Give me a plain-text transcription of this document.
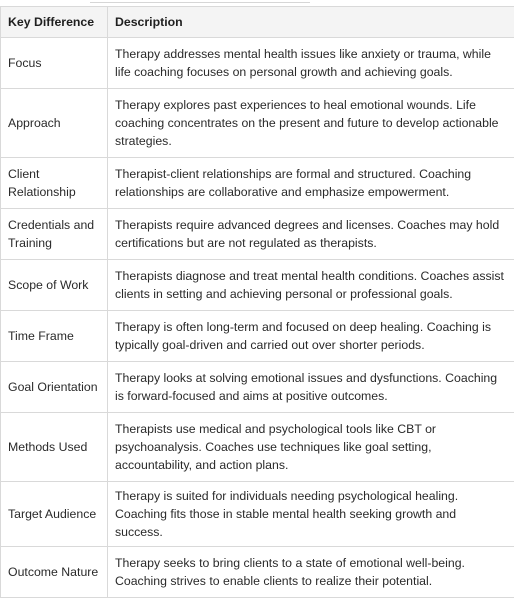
Key Difference	Description
Focus	Therapy addresses mental health issues like anxiety or trauma, while life coaching focuses on personal growth and achieving goals.
Approach	Therapy explores past experiences to heal emotional wounds. Life coaching concentrates on the present and future to develop actionable strategies.
Client Relationship	Therapist-client relationships are formal and structured. Coaching relationships are collaborative and emphasize empowerment.
Credentials and Training	Therapists require advanced degrees and licenses. Coaches may hold certifications but are not regulated as therapists.
Scope of Work	Therapists diagnose and treat mental health conditions. Coaches assist clients in setting and achieving personal or professional goals.
Time Frame	Therapy is often long-term and focused on deep healing. Coaching is typically goal-driven and carried out over shorter periods.
Goal Orientation	Therapy looks at solving emotional issues and dysfunctions. Coaching is forward-focused and aims at positive outcomes.
Methods Used	Therapists use medical and psychological tools like CBT or psychoanalysis. Coaches use techniques like goal setting, accountability, and action plans.
Target Audience	Therapy is suited for individuals needing psychological healing. Coaching fits those in stable mental health seeking growth and success.
Outcome Nature	Therapy seeks to bring clients to a state of emotional well-being. Coaching strives to enable clients to realize their potential.
